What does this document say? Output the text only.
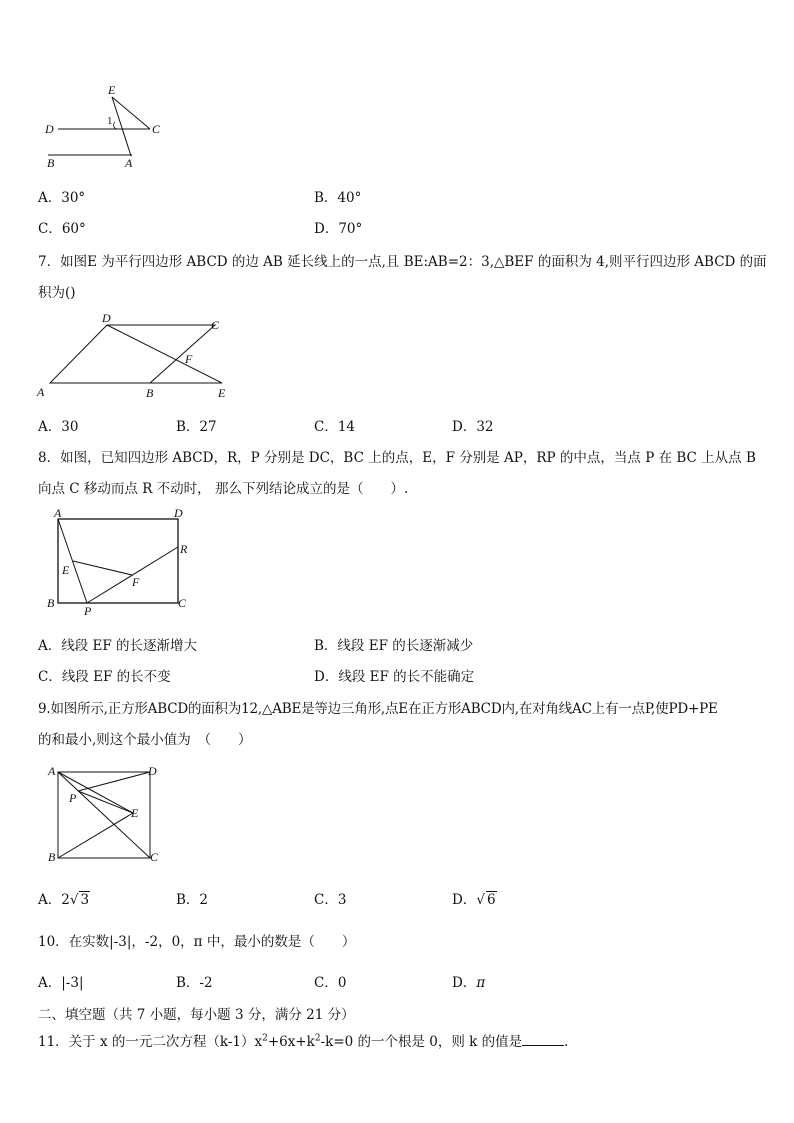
E
1
D	C
B	A
A．30°	B．40°
C．60°	D．70°
7．如图E 为平行四边形 ABCD 的边 AB 延长线上的一点,且 BE:AB=2：3,△BEF 的面积为 4,则平行四边形 ABCD 的面
积为()
D	C
F
A	B	E
A．30	B．27	C．14	D．32
8．如图，已知四边形 ABCD，R，P 分别是 DC，BC 上的点，E，F 分别是 AP，RP 的中点，当点 P 在 BC 上从点 B
向点 C 移动而点 R 不动时， 那么下列结论成立的是（　　）.
A	D
R
E
F
B
P
C
A．线段 EF 的长逐渐增大	B．线段 EF 的长逐渐减少
C．线段 EF 的长不变	D．线段 EF 的长不能确定
9.如图所示,正方形ABCD的面积为12,△ABE是等边三角形,点E在正方形ABCD内,在对角线AC上有一点P,使PD+PE
的和最小,则这个最小值为　（　　）
A	D
P
E
B	C
A．2√ 3	B．2	C．3	D．√ 6
10．在实数|-3|，-2，0，π 中，最小的数是（　　）
A．|-3|	B．-2	C．0	D．π
二、填空题（共 7 小题，每小题 3 分，满分 21 分）
11．关于 x 的一元二次方程$(k-1)x^2+6x+k^2-k=0$ 的一个根是 0，则 k 的值是	.
